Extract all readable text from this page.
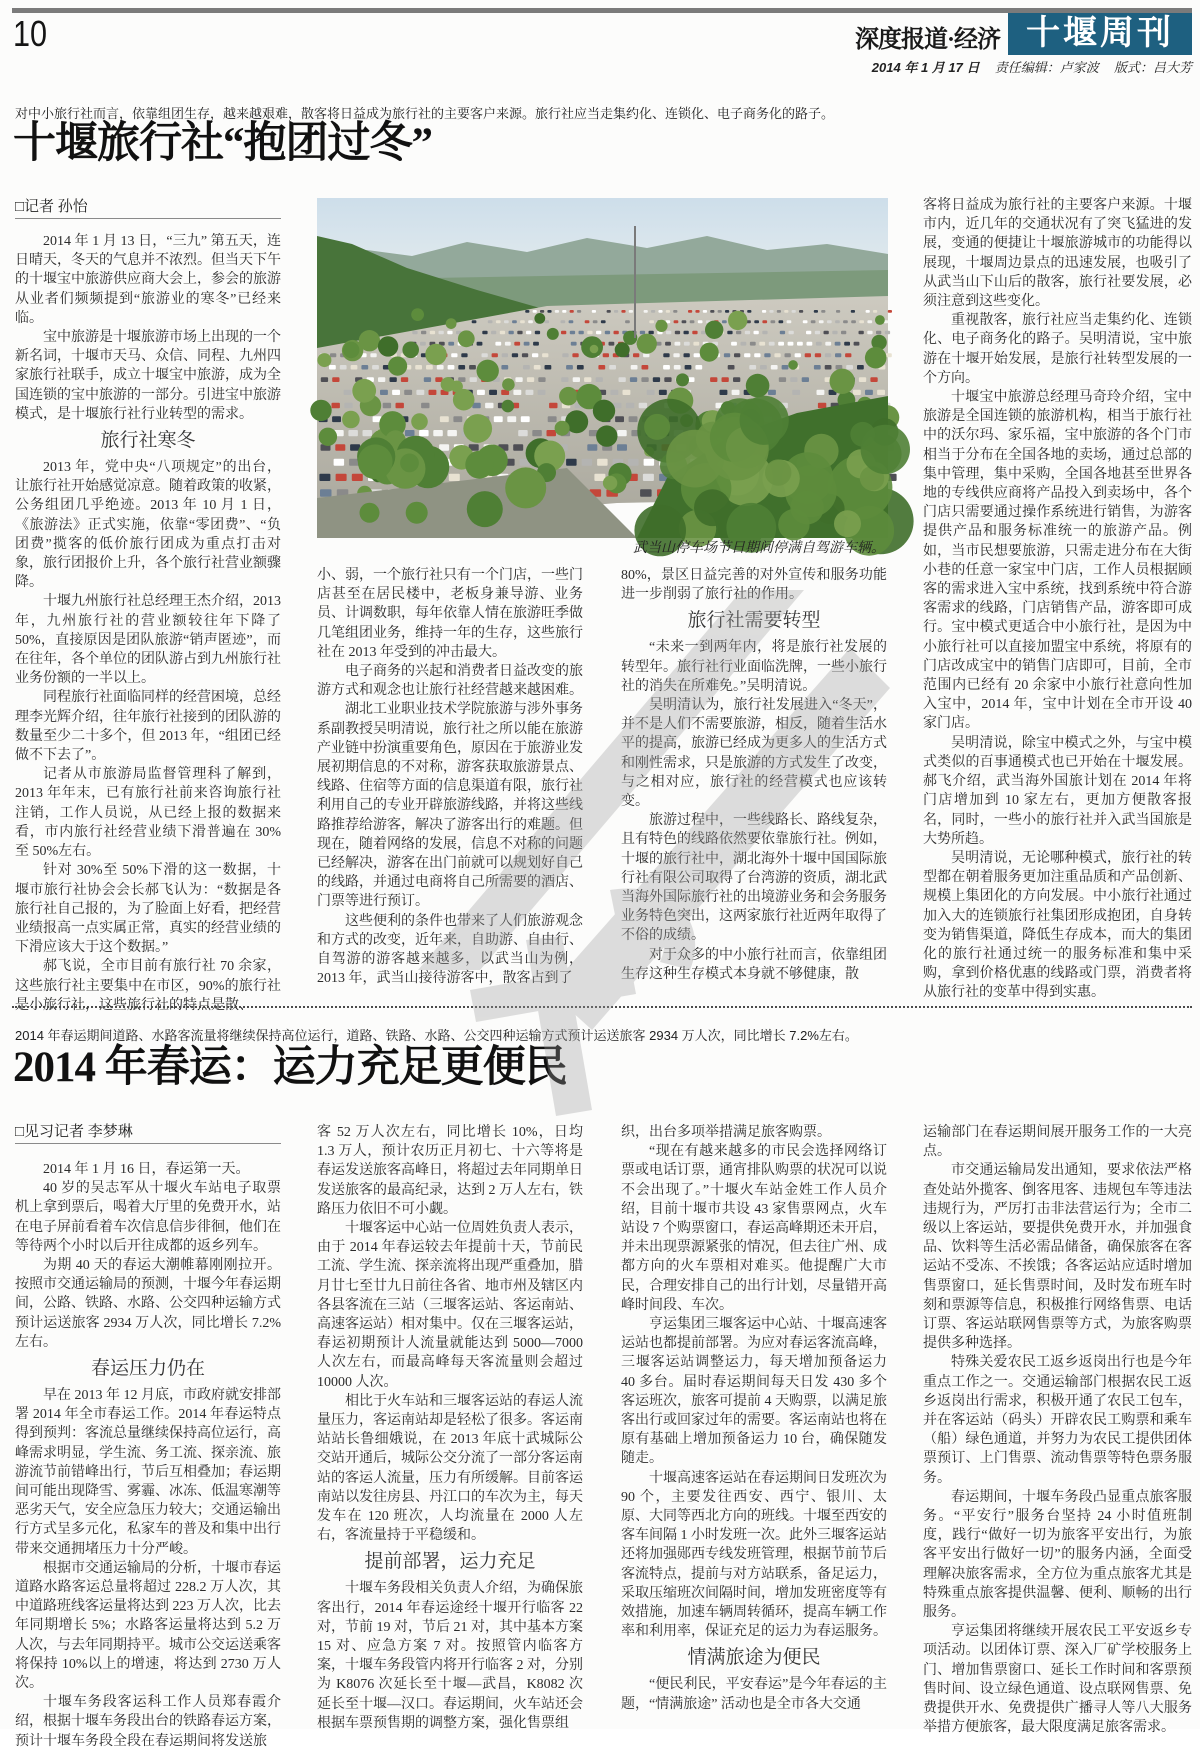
10	深度报道·经济 十堰周刊
2014 年 1 月 17 日 责任编辑：卢家波 版式：吕大芳
对中小旅行社而言，依靠组团生存，越来越艰难，散客将日益成为旅行社的主要客户来源。旅行社应当走集约化、连锁化、电子商务化的路子。
十堰旅行社“抱团过冬”
□记者 孙怡

2014 年 1 月 13 日，“三九” 第五天，连日晴天，冬天的气息并不浓烈。但当天下午的十堰宝中旅游供应商大会上，参会的旅游从业者们频频提到“旅游业的寒冬”已经来临。

宝中旅游是十堰旅游市场上出现的一个新名词，十堰市天马、众信、同程、九州四家旅行社联手，成立十堰宝中旅游，成为全国连锁的宝中旅游的一部分。引进宝中旅游模式，是十堰旅行社行业转型的需求。

旅行社寒冬

2013 年，党中央“八项规定”的出台，让旅行社开始感觉凉意。随着政策的收紧，公务组团几乎绝迹。2013 年 10 月 1 日，《旅游法》正式实施，依靠“零团费”、“负团费”揽客的低价旅行团成为重点打击对象，旅行团报价上升，各个旅行社营业额骤降。

十堰九州旅行社总经理王杰介绍，2013 年，九州旅行社的营业额较往年下降了 50%，直接原因是团队旅游“销声匿迹”，而在往年，各个单位的团队游占到九州旅行社业务份额的一半以上。

同程旅行社面临同样的经营困境，总经理李光辉介绍，往年旅行社接到的团队游的数量至少二十多个，但 2013 年，“组团已经做不下去了”。

记者从市旅游局监督管理科了解到，2013 年年末，已有旅行社前来咨询旅行社注销，工作人员说，从已经上报的数据来看，市内旅行社经营业绩下滑普遍在 30%至 50%左右。

针对 30%至 50%下滑的这一数据，十堰市旅行社协会会长郝飞认为：“数据是各旅行社自己报的，为了脸面上好看，把经营业绩报高一点实属正常，真实的经营业绩的下滑应该大于这个数据。”

郝飞说，全市目前有旅行社 70 余家，这些旅行社主要集中在市区，90%的旅行社是小旅行社，这些旅行社的特点是散、

武当山停车场节日期间停满自驾游车辆。

小、弱，一个旅行社只有一个门店，一些门店甚至在居民楼中，老板身兼导游、业务员、计调数职，每年依靠人情在旅游旺季做几笔组团业务，维持一年的生存，这些旅行社在 2013 年受到的冲击最大。

电子商务的兴起和消费者日益改变的旅游方式和观念也让旅行社经营越来越困难。

湖北工业职业技术学院旅游与涉外事务系副教授吴明清说，旅行社之所以能在旅游产业链中扮演重要角色，原因在于旅游业发展初期信息的不对称，游客获取旅游景点、线路、住宿等方面的信息渠道有限，旅行社利用自己的专业开辟旅游线路，并将这些线路推荐给游客，解决了游客出行的难题。但现在，随着网络的发展，信息不对称的问题已经解决，游客在出门前就可以规划好自己的线路，并通过电商将自己所需要的酒店、门票等进行预订。

这些便利的条件也带来了人们旅游观念和方式的改变，近年来，自助游、自由行、自驾游的游客越来越多，以武当山为例，2013 年，武当山接待游客中，散客占到了

80%，景区日益完善的对外宣传和服务功能进一步削弱了旅行社的作用。

旅行社需要转型

“未来一到两年内，将是旅行社发展的转型年。旅行社行业面临洗牌，一些小旅行社的消失在所难免。”吴明清说。

吴明清认为，旅行社发展进入“冬天”，并不是人们不需要旅游，相反，随着生活水平的提高，旅游已经成为更多人的生活方式和刚性需求，只是旅游的方式发生了改变，与之相对应，旅行社的经营模式也应该转变。

旅游过程中，一些线路长、路线复杂，且有特色的线路依然要依靠旅行社。例如，十堰的旅行社中，湖北海外十堰中国国际旅行社有限公司取得了台湾游的资质，湖北武当海外国际旅行社的出境游业务和会务服务业务特色突出，这两家旅行社近两年取得了不俗的成绩。

对于众多的中小旅行社而言，依靠组团生存这种生存模式本身就不够健康，散

客将日益成为旅行社的主要客户来源。十堰市内，近几年的交通状况有了突飞猛进的发展，变通的便捷让十堰旅游城市的功能得以展现，十堰周边景点的迅速发展，也吸引了从武当山下山后的散客，旅行社要发展，必须注意到这些变化。

重视散客，旅行社应当走集约化、连锁化、电子商务化的路子。吴明清说，宝中旅游在十堰开始发展，是旅行社转型发展的一个方向。

十堰宝中旅游总经理马奇玲介绍，宝中旅游是全国连锁的旅游机构，相当于旅行社中的沃尔玛、家乐福，宝中旅游的各个门市相当于分布在全国各地的卖场，通过总部的集中管理，集中采购，全国各地甚至世界各地的专线供应商将产品投入到卖场中，各个门店只需要通过操作系统进行销售，为游客提供产品和服务标准统一的旅游产品。例如，当市民想要旅游，只需走进分布在大街小巷的任意一家宝中门店，工作人员根据顾客的需求进入宝中系统，找到系统中符合游客需求的线路，门店销售产品，游客即可成行。宝中模式更适合中小旅行社，是因为中小旅行社可以直接加盟宝中系统，将原有的门店改成宝中的销售门店即可，目前，全市范围内已经有 20 余家中小旅行社意向性加入宝中，2014 年，宝中计划在全市开设 40 家门店。

吴明清说，除宝中模式之外，与宝中模式类似的百事通模式也已开始在十堰发展。郝飞介绍，武当海外国旅计划在 2014 年将门店增加到 10 家左右，更加方便散客报名，同时，一些小的旅行社并入武当国旅是大势所趋。

吴明清说，无论哪种模式，旅行社的转型都在朝着服务更加注重品质和产品创新、规模上集团化的方向发展。中小旅行社通过加入大的连锁旅行社集团形成抱团，自身转变为销售渠道，降低生存成本，而大的集团化的旅行社通过统一的服务标准和集中采购，拿到价格优惠的线路或门票，消费者将从旅行社的变革中得到实惠。

2014 年春运期间道路、水路客流量将继续保持高位运行，道路、铁路、水路、公交四种运输方式预计运送旅客 2934 万人次，同比增长 7.2%左右。
2014 年春运：运力充足更便民
□见习记者 李梦琳

2014 年 1 月 16 日，春运第一天。

40 岁的吴志军从十堰火车站电子取票机上拿到票后，喝着大厅里的免费开水，站在电子屏前看着车次信息信步徘徊，他们在等待两个小时以后开往成都的返乡列车。

为期 40 天的春运大潮帷幕刚刚拉开。按照市交通运输局的预测，十堰今年春运期间，公路、铁路、水路、公交四种运输方式预计运送旅客 2934 万人次，同比增长 7.2%左右。

春运压力仍在

早在 2013 年 12 月底，市政府就安排部署 2014 年全市春运工作。2014 年春运特点得到预判：客流总量继续保持高位运行，高峰需求明显，学生流、务工流、探亲流、旅游流节前错峰出行，节后互相叠加；春运期间可能出现降雪、雾霾、冰冻、低温寒潮等恶劣天气，安全应急压力较大；交通运输出行方式呈多元化，私家车的普及和集中出行带来交通拥堵压力十分严峻。

根据市交通运输局的分析，十堰市春运道路水路客运总量将超过 228.2 万人次，其中道路班线客运量将达到 223 万人次，比去年同期增长 5%；水路客运量将达到 5.2 万人次，与去年同期持平。城市公交运送乘客将保持 10%以上的增速，将达到 2730 万人次。

十堰车务段客运科工作人员郑春霞介绍，根据十堰车务段出台的铁路春运方案，预计十堰车务段全段在春运期间将发送旅

客 52 万人次左右，同比增长 10%，日均 1.3 万人，预计农历正月初七、十六等将是春运发送旅客高峰日，将超过去年同期单日发送旅客的最高纪录，达到 2 万人左右，铁路压力依旧不可小觑。

十堰客运中心站一位周姓负责人表示，由于 2014 年春运较去年提前十天，节前民工流、学生流、探亲流将出现严重叠加，腊月廿七至廿九日前往各省、地市州及辖区内各县客流在三站（三堰客运站、客运南站、高速客运站）相对集中。仅在三堰客运站，春运初期预计人流量就能达到 5000—7000 人次左右，而最高峰每天客流量则会超过 10000 人次。

相比于火车站和三堰客运站的春运人流量压力，客运南站却是轻松了很多。客运南站站长鲁细娥说，在 2013 年底十武城际公交站开通后，城际公交分流了一部分客运南站的客运人流量，压力有所缓解。目前客运南站以发往房县、丹江口的车次为主，每天发车在 120 班次，人均流量在 2000 人左右，客流量持于平稳缓和。

提前部署，运力充足

十堰车务段相关负责人介绍，为确保旅客出行，2014 年春运途经十堰开行临客 22 对，节前 19 对，节后 21 对，其中基本方案 15 对、应急方案 7 对。按照管内临客方案，十堰车务段管内将开行临客 2 对，分别为 K8076 次延长至十堰—武昌，K8082 次延长至十堰—汉口。春运期间，火车站还会根据车票预售期的调整方案，强化售票组

织，出台多项举措满足旅客购票。

“现在有越来越多的市民会选择网络订票或电话订票，通宵排队购票的状况可以说不会出现了。”十堰火车站金姓工作人员介绍，目前十堰市共设 43 家售票网点，火车站设 7 个购票窗口，春运高峰期还未开启，并未出现票源紧张的情况，但去往广州、成都方向的火车票相对难买。他提醒广大市民，合理安排自己的出行计划，尽量错开高峰时间段、车次。

亨运集团三堰客运中心站、十堰高速客运站也都提前部署。为应对春运客流高峰，三堰客运站调整运力，每天增加预备运力 40 多台。届时春运期间每天日发 430 多个客运班次，旅客可提前 4 天购票，以满足旅客出行或回家过年的需要。客运南站也将在原有基础上增加预备运力 10 台，确保随发随走。

十堰高速客运站在春运期间日发班次为 90 个，主要发往西安、西宁、银川、太原、大同等西北方向的班线。十堰至西安的客车间隔 1 小时发班一次。此外三堰客运站还将加强郧西专线发班管理，根据节前节后客流特点，提前与对方站联系，备足运力，采取压缩班次间隔时间，增加发班密度等有效措施，加速车辆周转循环，提高车辆工作率和利用率，保证充足的运力为春运服务。

情满旅途为便民

“便民利民，平安春运”是今年春运的主题，“情满旅途” 活动也是全市各大交通

运输部门在春运期间展开服务工作的一大亮点。

市交通运输局发出通知，要求依法严格查处站外揽客、倒客甩客、违规包车等违法违规行为，严厉打击非法营运行为；全市二级以上客运站，要提供免费开水，并加强食品、饮料等生活必需品储备，确保旅客在客运站不受冻、不挨饿；各客运站应适时增加售票窗口，延长售票时间，及时发布班车时刻和票源等信息，积极推行网络售票、电话订票、客运站联网售票等方式，为旅客购票提供多种选择。

特殊关爱农民工返乡返岗出行也是今年重点工作之一。交通运输部门根据农民工返乡返岗出行需求，积极开通了农民工包车，并在客运站（码头）开辟农民工购票和乘车（船）绿色通道，并努力为农民工提供团体票预订、上门售票、流动售票等特色票务服务。

春运期间，十堰车务段凸显重点旅客服务。“平安行”服务台坚持 24 小时值班制度，践行“做好一切为旅客平安出行，为旅客平安出行做好一切”的服务内涵，全面受理解决旅客需求，全方位为重点旅客尤其是特殊重点旅客提供温馨、便利、顺畅的出行服务。

亨运集团将继续开展农民工平安返乡专项活动。以团体订票、深入厂矿学校服务上门、增加售票窗口、延长工作时间和客票预售时间、设立绿色通道、设点联网售票、免费提供开水、免费提供广播寻人等八大服务举措方便旅客，最大限度满足旅客需求。
